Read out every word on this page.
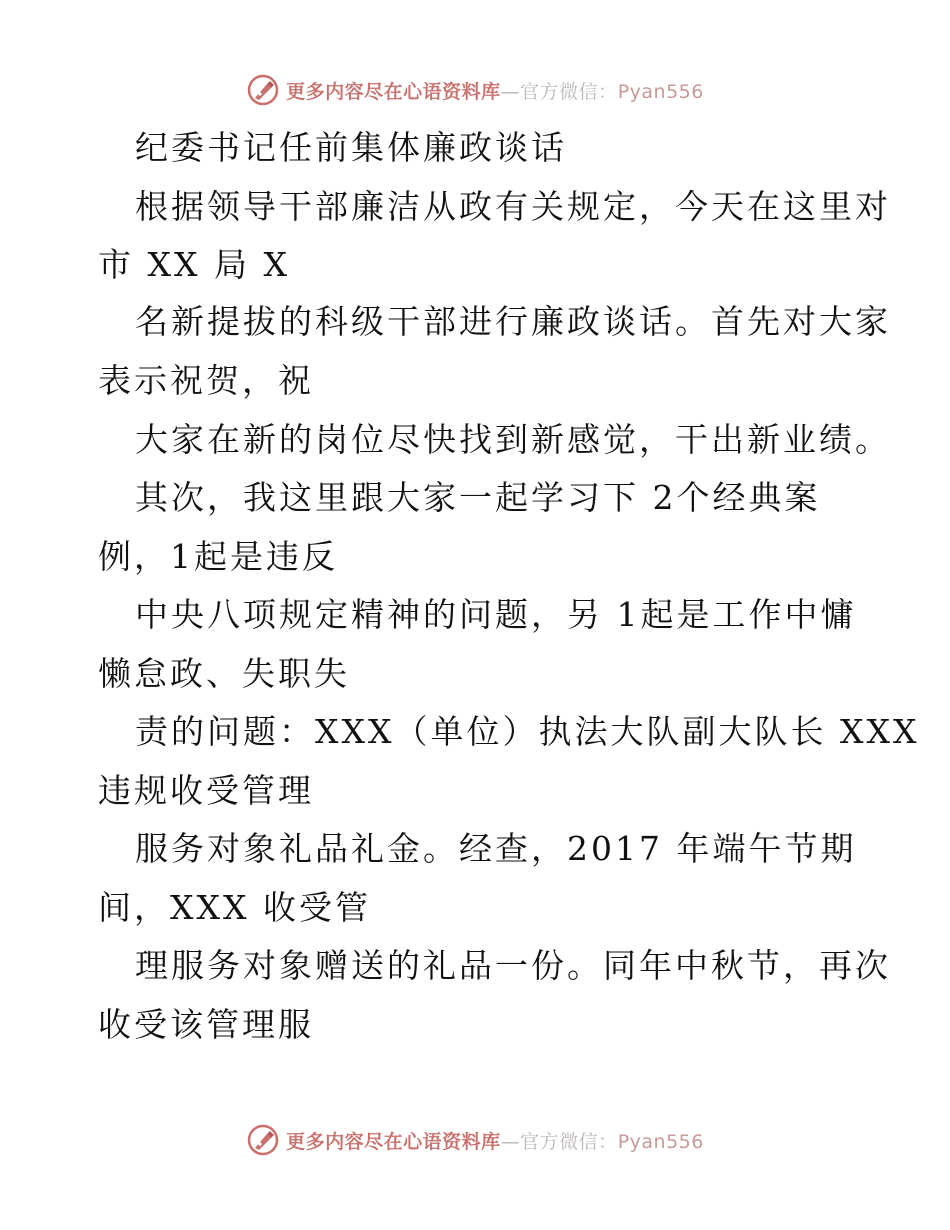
更多内容尽在心语资料库—官方微信：Pyan556
纪委书记任前集体廉政谈话
根据领导干部廉洁从政有关规定，今天在这里对
市 XX 局 X
名新提拔的科级干部进行廉政谈话。首先对大家
表示祝贺，祝
大家在新的岗位尽快找到新感觉，干出新业绩。
其次，我这里跟大家一起学习下 2个经典案
例，1起是违反
中央八项规定精神的问题，另 1起是工作中慵
懒怠政、失职失
责的问题：XXX（单位）执法大队副大队长 XXX
违规收受管理
服务对象礼品礼金。经查，2017 年端午节期
间，XXX 收受管
理服务对象赠送的礼品一份。同年中秋节，再次
收受该管理服
更多内容尽在心语资料库—官方微信：Pyan556
